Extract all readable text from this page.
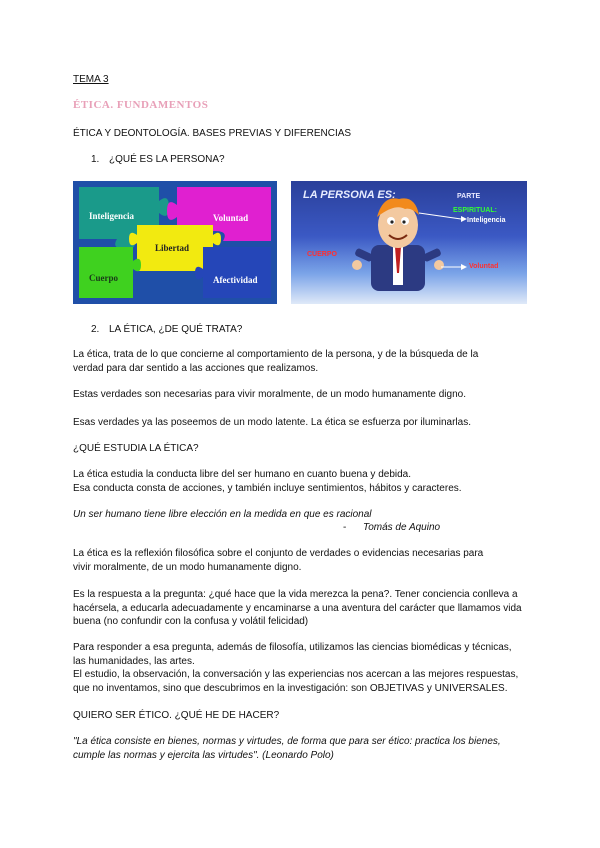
TEMA 3
ÉTICA. FUNDAMENTOS
ÉTICA Y DEONTOLOGÍA. BASES PREVIAS Y DIFERENCIAS
1. ¿QUÉ ES LA PERSONA?
Inteligencia	Voluntad
Libertad
Cuerpo	Afectividad
LA PERSONA ES:	PARTE
ESPIRITUAL:
Inteligencia
CUERPO
Voluntad
2. LA ÉTICA, ¿DE QUÉ TRATA?
La ética, trata de lo que concierne al comportamiento de la persona, y de la búsqueda de la
verdad para dar sentido a las acciones que realizamos.
Estas verdades son necesarias para vivir moralmente, de un modo humanamente digno.
Esas verdades ya las poseemos de un modo latente. La ética se esfuerza por iluminarlas.
¿QUÉ ESTUDIA LA ÉTICA?
La ética estudia la conducta libre del ser humano en cuanto buena y debida.
Esa conducta consta de acciones, y también incluye sentimientos, hábitos y caracteres.
Un ser humano tiene libre elección en la medida en que es racional
- Tomás de Aquino
La ética es la reflexión filosófica sobre el conjunto de verdades o evidencias necesarias para
vivir moralmente, de un modo humanamente digno.
Es la respuesta a la pregunta: ¿qué hace que la vida merezca la pena?. Tener conciencia conlleva a
hacérsela, a educarla adecuadamente y encaminarse a una aventura del carácter que llamamos vida
buena (no confundir con la confusa y volátil felicidad)
Para responder a esa pregunta, además de filosofía, utilizamos las ciencias biomédicas y técnicas,
las humanidades, las artes.
El estudio, la observación, la conversación y las experiencias nos acercan a las mejores respuestas,
que no inventamos, sino que descubrimos en la investigación: son OBJETIVAS y UNIVERSALES.
QUIERO SER ÉTICO. ¿QUÉ HE DE HACER?
"La ética consiste en bienes, normas y virtudes, de forma que para ser ético: practica los bienes,
cumple las normas y ejercita las virtudes". (Leonardo Polo)
